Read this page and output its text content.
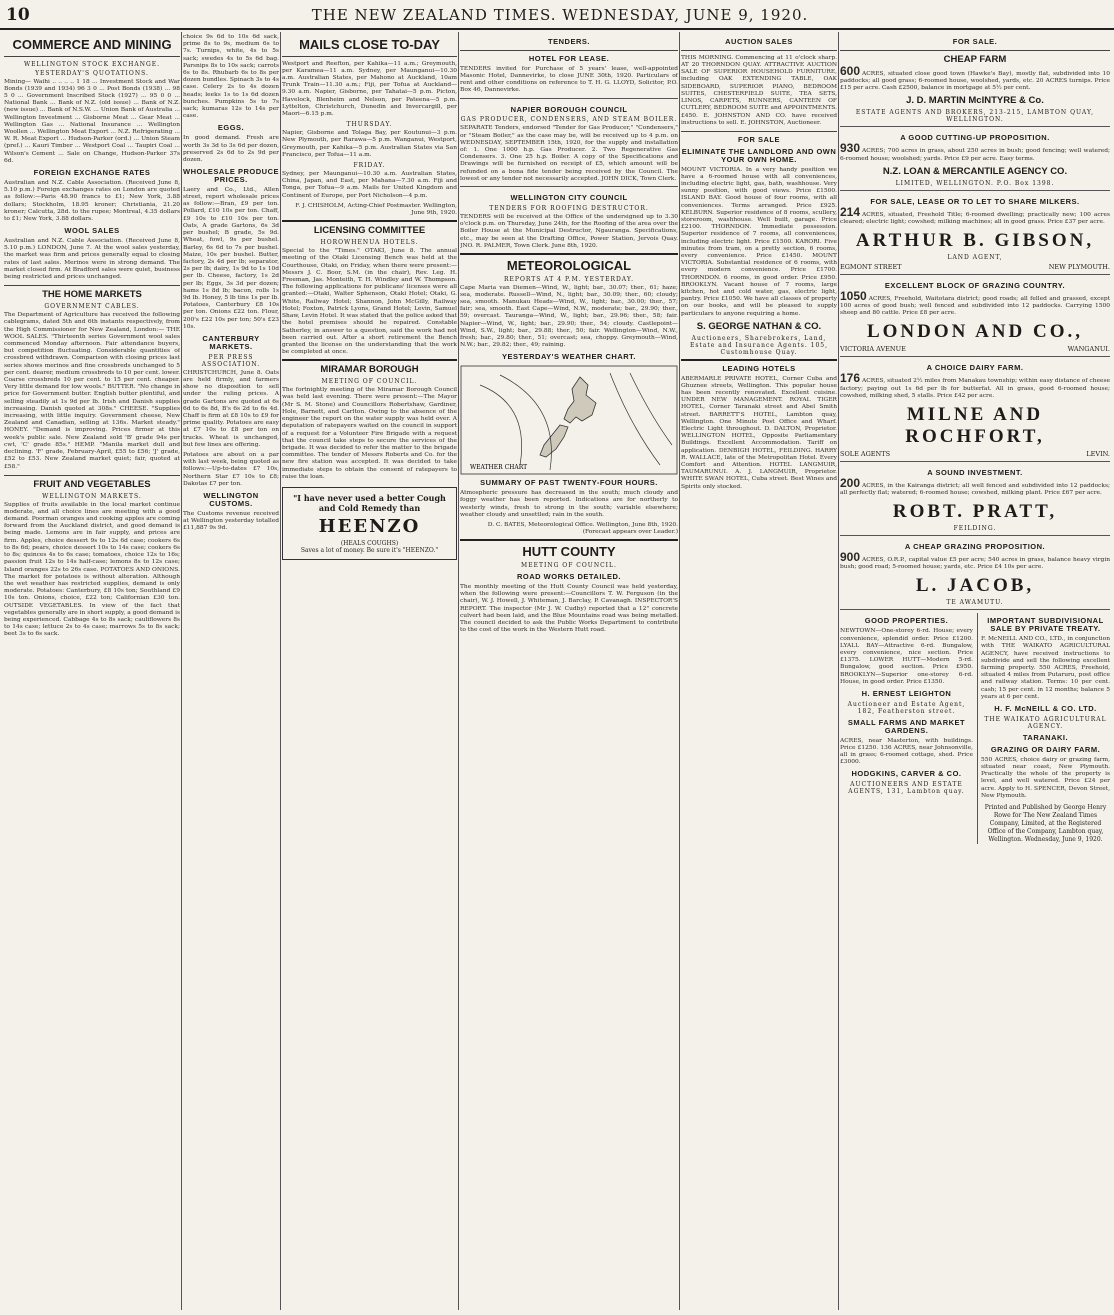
10	THE NEW ZEALAND TIMES. WEDNESDAY, JUNE 9, 1920.
COMMERCE AND MINING
WELLINGTON STOCK EXCHANGE.
YESTERDAY'S QUOTATIONS.

Mining— Waihi .. .. .. .. 1 18 ... Investment Stock and War Bonds (1939 and 1934) 96 3 0 ... Post Bonds (1938) ... 98 5 0 ... Government Inscribed Stock (1927) ... 95 0 0 ... National Bank ... Bank of N.Z. (old issue) ... Bank of N.Z. (new issue) ... Bank of N.S.W. ... Union Bank of Australia ... Wellington Investment ... Gisborne Meat ... Gear Meat ... Wellington Gas ... National Insurance ... Wellington Woollen ... Wellington Meat Export ... N.Z. Refrigerating ... W. R. Meat Export ... Hudson-Parker (ord.) ... Union Steam (pref.) ... Kauri Timber ... Westport Coal ... Taupiri Coal ... Wilson's Cement ... Sale on Change, Hudson-Parker 37s 6d.

FOREIGN EXCHANGE RATES

Australian and N.Z. Cable Association. (Received June 8, 5.10 p.m.) Foreign exchanges rates on London are quoted as follow:—Paris 48.90 francs to £1; New York, 3.88 dollars; Stockholm, 18.95 kroner; Christiania, 21.20 kroner; Calcutta, 28d. to the rupee; Montreal, 4.35 dollars to £1; New York, 3.88 dollars.

WOOL SALES

Australian and N.Z. Cable Association. (Received June 8, 5.10 p.m.) LONDON, June 7. At the wool sales yesterday, the market was firm and prices generally equal to closing rates of last sales. Merinos were in strong demand. The market closed firm. At Bradford sales were quiet, business being restricted and prices unchanged.

THE HOME MARKETS
GOVERNMENT CABLES.

The Department of Agriculture has received the following cablegrams, dated 5th and 6th instants respectively, from the High Commissioner for New Zealand, London:— THE WOOL SALES. "Thirteenth series Government wool sales commenced Monday afternoon. Fair attendance buyers, but competition fluctuating. Considerable quantities of crossbred withdrawn. Comparison with closing prices last series shows merinos and fine crossbreds unchanged to 5 per cent. dearer, medium crossbreds to 10 per cent. lower. Coarse crossbreds 10 per cent. to 15 per cent. cheaper. Very little demand for low wools." BUTTER. "No change in price for Government butter. English butter plentiful, and selling steadily at 1s 9d per lb. Irish and Danish supplies increasing. Danish quoted at 308s." CHEESE. "Supplies increasing, with little inquiry. Government cheese, New Zealand and Canadian, selling at 136s. Market steady." HONEY. "Demand is improving. Prices firmer at this week's public sale. New Zealand sold 'B' grade 94s per cwt, 'C' grade 85s." HEMP. "Manila market dull and declining. 'F' grade, February-April, £55 to £56; 'J' grade, £52 to £53. New Zealand market quiet; fair, quoted at £58."

FRUIT AND VEGETABLES
WELLINGTON MARKETS.

Supplies of fruits available in the local market continue moderate, and all choice lines are meeting with a good demand. Poorman oranges and cooking apples are coming forward from the Auckland district, and good demand is being made. Lemons are in fair supply, and prices are firm. Apples, choice dessert 9s to 12s 6d case; cookers 6s to 8s 6d; pears, choice dessert 10s to 14s case; cookers 6s to 8s; quinces 4s to 6s case; tomatoes, choice 12s to 16s; passion fruit 12s to 14s half-case; lemons 8s to 12s case; Island oranges 22s to 26s case. POTATOES AND ONIONS. The market for potatoes is without alteration. Although the wet weather has restricted supplies, demand is only moderate. Potatoes: Canterbury, £8 10s ton; Southland £9 10s ton. Onions, choice, £22 ton; Californian £30 ton. OUTSIDE VEGETABLES. In view of the fact that vegetables generally are in short supply, a good demand is being experienced. Cabbage 4s to 8s sack; cauliflowers 8s to 14s case; lettuce 2s to 4s case; marrows 5s to 8s sack; beet 3s to 6s sack.

choice 9s 6d to 10s 6d sack, prime 8s to 9s, medium 6s to 7s. Turnips, white, 4s to 5s sack; swedes 4s to 5s 6d bag. Parsnips 8s to 10s sack; carrots 6s to 8s. Rhubarb 6s to 8s per dozen bundles. Spinach 3s to 4s case. Celery 2s to 4s dozen heads; leeks 1s to 1s 6d dozen bunches. Pumpkins 5s to 7s sack; kumaras 12s to 14s per case.

EGGS.

In good demand. Fresh are worth 3s 3d to 3s 6d per dozen, preserved 2s 6d to 2s 9d per dozen.

WHOLESALE PRODUCE PRICES.

Laery and Co., Ltd., Allen street, report wholesale prices as follow:—Bran, £9 per ton. Pollard, £10 10s per ton. Chaff, £9 10s to £10 10s per ton. Oats, A grade Gartons, 6s 3d per bushel; B grade, 5s 9d. Wheat, fowl, 9s per bushel. Barley, 6s 6d to 7s per bushel. Maize, 10s per bushel. Butter, factory, 2s 4d per lb; separator, 2s per lb; dairy, 1s 9d to 1s 10d per lb. Cheese, factory, 1s 2d per lb; Eggs, 3s 3d per dozen; hams 1s 8d lb; bacon, rolls 1s 9d lb. Honey, 5 lb tins 1s per lb. Potatoes, Canterbury £8 10s per ton. Onions £22 ton. Flour, 200's £22 10s per ton; 50's £23 10s.

CANTERBURY MARKETS.
PER PRESS ASSOCIATION.

CHRISTCHURCH, June 8. Oats are held firmly, and farmers show no disposition to sell under the ruling prices. A grade Gartons are quoted at 6s 6d to 6s 8d, B's 6s 2d to 6s 4d. Chaff is firm at £8 10s to £9 for prime quality. Potatoes are easy at £7 10s to £8 per ton on trucks. Wheat is unchanged, but few lines are offering.

Potatoes are about on a par with last week, being quoted as follows:—Up-to-dates £7 10s, Northern Star £7 10s to £8; Dakotas £7 per ton.

WELLINGTON CUSTOMS.

The Customs revenue received at Wellington yesterday totalled £11,887 9s 9d.

MAILS CLOSE TO-DAY

Westport and Reefton, per Kahika—11 a.m.; Greymouth, per Karamea—11 a.m. Sydney, per Maunganui—10.30 a.m. Australian States, per Mahono at Auckland, 10am Trunk Train—11.30 a.m.; Fiji, per Tofua at Auckland—9.30 a.m. Napier, Gisborne, per Tahatai—5 p.m. Picton, Havelock, Blenheim and Nelson, per Pateena—5 p.m. Lyttelton, Christchurch, Dunedin and Invercargill, per Maori—6.15 p.m.

THURSDAY.

Napier, Gisborne and Tolaga Bay, per Koutunui—3 p.m. New Plymouth, per Rarawa—5 p.m. Wanganui, Westport, Greymouth, per Kahika—5 p.m. Australian States via San Francisco, per Tofua—11 a.m.

FRIDAY.

Sydney, per Maunganui—10.30 a.m. Australian States, China, Japan, and East, per Mahana—7.30 a.m. Fiji and Tonga, per Tofua—9 a.m. Mails for United Kingdom and Continent of Europe, per Port Nicholson—4 p.m.

F. J. CHISHOLM, Acting-Chief Postmaster. Wellington, June 9th, 1920.

LICENSING COMMITTEE
HOROWHENUA HOTELS.

Special to the "Times." OTAKI, June 8. The annual meeting of the Otaki Licensing Bench was held at the Courthouse, Otaki, on Friday, when there were present:—Messrs J. C. Boor, S.M. (in the chair), Rev. Leg. H. Freeman, Jas. Monteith, T. H. Windley and W. Thompson. The following applications for publicans' licenses were all granted:—Otaki, Walter Sphenson, Otaki Hotel; Otaki, G. White, Railway Hotel; Shannon, John McGilly, Railway Hotel; Foxton, Patrick Lyons, Grand Hotel; Levin, Samuel Shaw, Levin Hotel. It was stated that the police asked that the hotel premises should be repaired. Constable Satherley, in answer to a question, said the work had not been carried out. After a short retirement the Bench granted the license on the understanding that the work be completed at once.

MIRAMAR BOROUGH
MEETING OF COUNCIL.

The fortnightly meeting of the Miramar Borough Council was held last evening. There were present:—The Mayor (Mr S. M. Stone) and Councillors Robertshaw, Gardiner, Hole, Barnett, and Carlton. Owing to the absence of the engineer the report on the water supply was held over. A deputation of ratepayers waited on the council in support of a request for a Volunteer Fire Brigade with a request that the council take steps to secure the services of the brigade. It was decided to refer the matter to the brigade committee. The tender of Messrs Roberts and Co. for the new fire station was accepted. It was decided to take immediate steps to obtain the consent of ratepayers to raise the loan.

"I have never used a better Cough and Cold Remedy than
HEENZO
(HEALS COUGHS)
Saves a lot of money. Be sure it's "HEENZO."
TENDERS.
HOTEL FOR LEASE.

TENDERS invited for Purchase of 5 years' lease, well-appointed Masonic Hotel, Dannevirke, to close JUNE 30th, 1920. Particulars of rent and other conditions on reference to T. H. G. LLOYD, Solicitor, P.O. Box 46, Dannevirke.

NAPIER BOROUGH COUNCIL
GAS PRODUCER, CONDENSERS, AND STEAM BOILER.

SEPARATE Tenders, endorsed "Tender for Gas Producer," "Condensers," or "Steam Boiler," as the case may be, will be received up to 4 p.m. on WEDNESDAY, SEPTEMBER 15th, 1920, for the supply and installation of: 1. One 1000 h.p. Gas Producer. 2. Two Regenerative Gas Condensers. 3. One 25 h.p. Boiler. A copy of the Specifications and Drawings will be furnished on receipt of £5, which amount will be refunded on a bona fide tender being received by the Council. The lowest or any tender not necessarily accepted. JOHN DICK, Town Clerk.

WELLINGTON CITY COUNCIL
TENDERS FOR ROOFING DESTRUCTOR.

TENDERS will be received at the Office of the undersigned up to 3.30 o'clock p.m. on Thursday, June 24th, for the Roofing of the area over the Boiler House at the Municipal Destructor, Ngauranga. Specifications, etc., may be seen at the Drafting Office, Power Station, Jervois Quay. JNO. R. PALMER, Town Clerk. June 8th, 1920.

METEOROLOGICAL
REPORTS AT 4 P.M. YESTERDAY.

Cape Maria van Diemen—Wind, W., light; bar., 30.07; ther., 61; haze; sea, moderate. Russell—Wind, N., light; bar., 30.09; ther., 60; cloudy; sea, smooth. Manukau Heads—Wind, W., light; bar., 30.00; ther., 57; fair; sea, smooth. East Cape—Wind, N.W., moderate; bar., 29.90; ther., 59; overcast. Tauranga—Wind, W., light; bar., 29.96; ther., 58; fair. Napier—Wind, W., light; bar., 29.90; ther., 54; cloudy. Castlepoint—Wind, S.W., light; bar., 29.88; ther., 50; fair. Wellington—Wind, N.W., fresh; bar., 29.80; ther., 51; overcast; sea, choppy. Greymouth—Wind, N.W.; bar., 29.82; ther., 49; raining.

YESTERDAY'S WEATHER CHART.
WEATHER CHART
SUMMARY OF PAST TWENTY-FOUR HOURS.

Atmospheric pressure has decreased in the south; much cloudy and foggy weather has been reported. Indications are for northerly to westerly winds, fresh to strong in the south; variable elsewhere; weather cloudy and unsettled; rain in the south.

D. C. BATES, Meteorological Office. Wellington, June 8th, 1920. (Forecast appears over Leader.)

HUTT COUNTY
MEETING OF COUNCIL.
ROAD WORKS DETAILED.

The monthly meeting of the Hutt County Council was held yesterday, when the following were present:—Councillors T. W. Ferguson (in the chair), W. J. Howell, J. Whiteman, J. Barclay, P. Cavanagh. INSPECTOR'S REPORT. The inspector (Mr J. W. Cudby) reported that a 12" concrete culvert had been laid, and the Blue Mountains road was being metalled. The council decided to ask the Public Works Department to contribute to the cost of the work in the Western Hutt road.

AUCTION SALES

THIS MORNING. Commencing at 11 o'clock sharp. AT 20 THORNDON QUAY. ATTRACTIVE AUCTION SALE OF SUPERIOR HOUSEHOLD FURNITURE, including OAK EXTENDING TABLE, OAK SIDEBOARD, SUPERIOR PIANO, BEDROOM SUITES, CHESTERFIELD SUITE, TEA SETS, LINOS, CARPETS, RUNNERS, CANTEEN OF CUTLERY, BEDROOM SUITE and APPOINTMENTS. £450. E. JOHNSTON AND CO. have received instructions to sell. E. JOHNSTON, Auctioneer.

FOR SALE
ELIMINATE THE LANDLORD AND OWN YOUR OWN HOME.

MOUNT VICTORIA. In a very handy position we have a 6-roomed house with all conveniences, including electric light, gas, bath, washhouse. Very sunny position, with good views. Price £1500. ISLAND BAY. Good house of four rooms, with all conveniences. Terms arranged. Price £925. KELBURN. Superior residence of 8 rooms, scullery, storeroom, washhouse. Well built, garage. Price £2100. THORNDON. Immediate possession. Superior residence of 7 rooms, all conveniences, including electric light. Price £1500. KARORI. Five minutes from tram, on a pretty section, 6 rooms, every convenience. Price £1450. MOUNT VICTORIA. Substantial residence of 6 rooms, with every modern convenience. Price £1700. THORNDON. 6 rooms, in good order. Price £950. BROOKLYN. Vacant house of 7 rooms, large kitchen, hot and cold water, gas, electric light, pantry. Price £1050. We have all classes of property on our books, and will be pleased to supply particulars to anyone requiring a home.

S. GEORGE NATHAN & CO.
Auctioneers, Sharebrokers, Land, Estate and Insurance Agents. 105, Customhouse Quay.
LEADING HOTELS

ABERMARLE PRIVATE HOTEL, Corner Cuba and Ghuznee streets, Wellington. This popular house has been recently renovated. Excellent cuisine. UNDER NEW MANAGEMENT. ROYAL TIGER HOTEL, Corner Taranaki street and Abel Smith street. BARRETT'S HOTEL, Lambton quay, Wellington. One Minute Post Office and Wharf. Electric Light throughout. D. DALTON, Proprietor. WELLINGTON HOTEL, Opposite Parliamentary Buildings. Excellent Accommodation. Tariff on application. DENBIGH HOTEL, FEILDING. HARRY R. WALLACE, late of the Metropolitan Hotel. Every Comfort and Attention. HOTEL LANGMUIR, TAUMARUNUI. A. J. LANGMUIR, Proprietor. WHITE SWAN HOTEL, Cuba street. Best Wines and Spirits only stocked.

FOR SALE.
CHEAP FARM

600 ACRES, situated close good town (Hawke's Bay), mostly flat, subdivided into 10 paddocks; all good grass; 6-roomed house, woolshed, yards, etc. 20 ACRES turnips. Price £15 per acre. Cash £2500, balance in mortgage at 5½ per cent.

J. D. MARTIN McINTYRE & Co.
ESTATE AGENTS AND BROKERS, 213-215, LAMBTON QUAY, WELLINGTON.
A GOOD CUTTING-UP PROPOSITION.

930 ACRES; 700 acres in grass, about 250 acres in bush; good fencing; well watered; 6-roomed house; woolshed; yards. Price £9 per acre. Easy terms.

N.Z. LOAN & MERCANTILE AGENCY CO.
LIMITED, WELLINGTON. P.O. Box 1398.
FOR SALE, LEASE OR TO LET TO SHARE MILKERS.

214 ACRES, situated, Freehold Title; 6-roomed dwelling; practically new; 100 acres cleared; electric light; cowshed; milking machines; all in good grass. Price £37 per acre.

ARTHUR B. GIBSON,
LAND AGENT,
EGMONT STREET	NEW PLYMOUTH.
EXCELLENT BLOCK OF GRAZING COUNTRY.

1050 ACRES, Freehold, Waitotara district; good roads; all felled and grassed, except 100 acres of good bush; well fenced and subdivided into 12 paddocks. Carrying 1500 sheep and 80 cattle. Price £8 per acre.

LONDON AND CO.,
VICTORIA AVENUE	WANGANUI.
A CHOICE DAIRY FARM.

176 ACRES, situated 2½ miles from Manakau township; within easy distance of cheese factory; paying out 1s 6d per lb for butterfat. All in grass, good 6-roomed house; cowshed, milking shed, 5 stalls. Price £42 per acre.

MILNE AND ROCHFORT,
SOLE AGENTS	LEVIN.
A SOUND INVESTMENT.

200 ACRES, in the Kairanga district; all well fenced and subdivided into 12 paddocks; all perfectly flat; watered; 6-roomed house; cowshed, milking plant. Price £67 per acre.

ROBT. PRATT,
FEILDING.
A CHEAP GRAZING PROPOSITION.

900 ACRES, O.R.P., capital value £5 per acre; 540 acres in grass, balance heavy virgin bush; good road; 5-roomed house; yards, etc. Price £4 10s per acre.

L. JACOB,
TE AWAMUTU.
GOOD PROPERTIES.

NEWTOWN—One-storey 6-rd. House; every convenience, splendid order. Price £1200. LYALL BAY—Attractive 6-rd. Bungalow, every convenience, nice section. Price £1375. LOWER HUTT—Modern 5-rd. Bungalow, good section. Price £950. BROOKLYN—Superior one-storey 6-rd. House, in good order. Price £1350.

H. ERNEST LEIGHTON
Auctioneer and Estate Agent, 182, Featherston street.
SMALL FARMS AND MARKET GARDENS.

ACRES, near Masterton, with buildings. Price £1250. 136 ACRES, near Johnsonville, all in grass; 6-roomed cottage, shed. Price £3000.

HODGKINS, CARVER & CO.
AUCTIONEERS AND ESTATE AGENTS, 131, Lambton quay.
IMPORTANT SUBDIVISIONAL SALE BY PRIVATE TREATY.

F. McNEILL AND CO., LTD., in conjunction with THE WAIKATO AGRICULTURAL AGENCY, have received instructions to subdivide and sell the following excellent farming property. 550 ACRES, Freehold, situated 4 miles from Putaruru, post office and railway station. Terms: 10 per cent. cash; 15 per cent. in 12 months; balance 5 years at 6 per cent.

H. F. McNEILL & CO. LTD.
THE WAIKATO AGRICULTURAL AGENCY.
TARANAKI.
GRAZING OR DAIRY FARM.

550 ACRES, choice dairy or grazing farm, situated near coast, New Plymouth. Practically the whole of the property is level, and well watered. Price £24 per acre. Apply to H. SPENCER, Devon Street, New Plymouth.

Printed and Published by George Henry Rowe for The New Zealand Times Company, Limited, at the Registered Office of the Company, Lambton quay, Wellington. Wednesday, June 9, 1920.
